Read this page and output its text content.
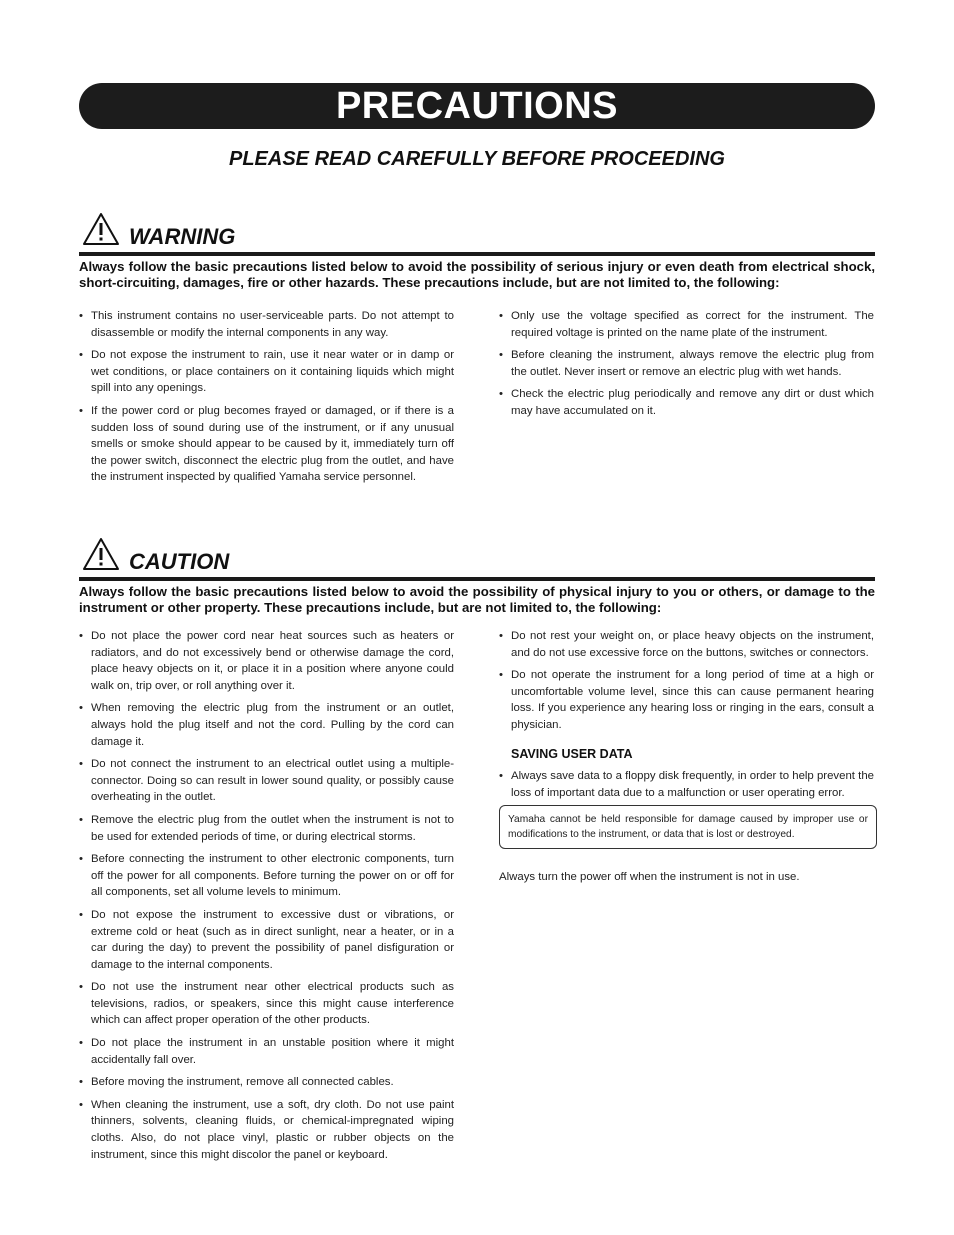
PRECAUTIONS
PLEASE READ CAREFULLY BEFORE PROCEEDING
WARNING
Always follow the basic precautions listed below to avoid the possibility of serious injury or even death from electrical shock, short-circuiting, damages, fire or other hazards. These precautions include, but are not limited to, the following:
• This instrument contains no user-serviceable parts. Do not attempt to disassemble or modify the internal components in any way.
• Do not expose the instrument to rain, use it near water or in damp or wet conditions, or place containers on it containing liquids which might spill into any openings.
• If the power cord or plug becomes frayed or damaged, or if there is a sudden loss of sound during use of the instrument, or if any unusual smells or smoke should appear to be caused by it, immediately turn off the power switch, disconnect the electric plug from the outlet, and have the instrument inspected by qualified Yamaha service personnel.
• Only use the voltage specified as correct for the instrument. The required voltage is printed on the name plate of the instrument.
• Before cleaning the instrument, always remove the electric plug from the outlet. Never insert or remove an electric plug with wet hands.
• Check the electric plug periodically and remove any dirt or dust which may have accumulated on it.
CAUTION
Always follow the basic precautions listed below to avoid the possibility of physical injury to you or others, or damage to the instrument or other property. These precautions include, but are not limited to, the following:
• Do not place the power cord near heat sources such as heaters or radiators, and do not excessively bend or otherwise damage the cord, place heavy objects on it, or place it in a position where anyone could walk on, trip over, or roll anything over it.
• When removing the electric plug from the instrument or an outlet, always hold the plug itself and not the cord. Pulling by the cord can damage it.
• Do not connect the instrument to an electrical outlet using a multiple-connector. Doing so can result in lower sound quality, or possibly cause overheating in the outlet.
• Remove the electric plug from the outlet when the instrument is not to be used for extended periods of time, or during electrical storms.
• Before connecting the instrument to other electronic components, turn off the power for all components. Before turning the power on or off for all components, set all volume levels to minimum.
• Do not expose the instrument to excessive dust or vibrations, or extreme cold or heat (such as in direct sunlight, near a heater, or in a car during the day) to prevent the possibility of panel disfiguration or damage to the internal components.
• Do not use the instrument near other electrical products such as televisions, radios, or speakers, since this might cause interference which can affect proper operation of the other products.
• Do not place the instrument in an unstable position where it might accidentally fall over.
• Before moving the instrument, remove all connected cables.
• When cleaning the instrument, use a soft, dry cloth. Do not use paint thinners, solvents, cleaning fluids, or chemical-impregnated wiping cloths. Also, do not place vinyl, plastic or rubber objects on the instrument, since this might discolor the panel or keyboard.
• Do not rest your weight on, or place heavy objects on the instrument, and do not use excessive force on the buttons, switches or connectors.
• Do not operate the instrument for a long period of time at a high or uncomfortable volume level, since this can cause permanent hearing loss. If you experience any hearing loss or ringing in the ears, consult a physician.
SAVING USER DATA
• Always save data to a floppy disk frequently, in order to help prevent the loss of important data due to a malfunction or user operating error.
Yamaha cannot be held responsible for damage caused by improper use or modifications to the instrument, or data that is lost or destroyed.
Always turn the power off when the instrument is not in use.
